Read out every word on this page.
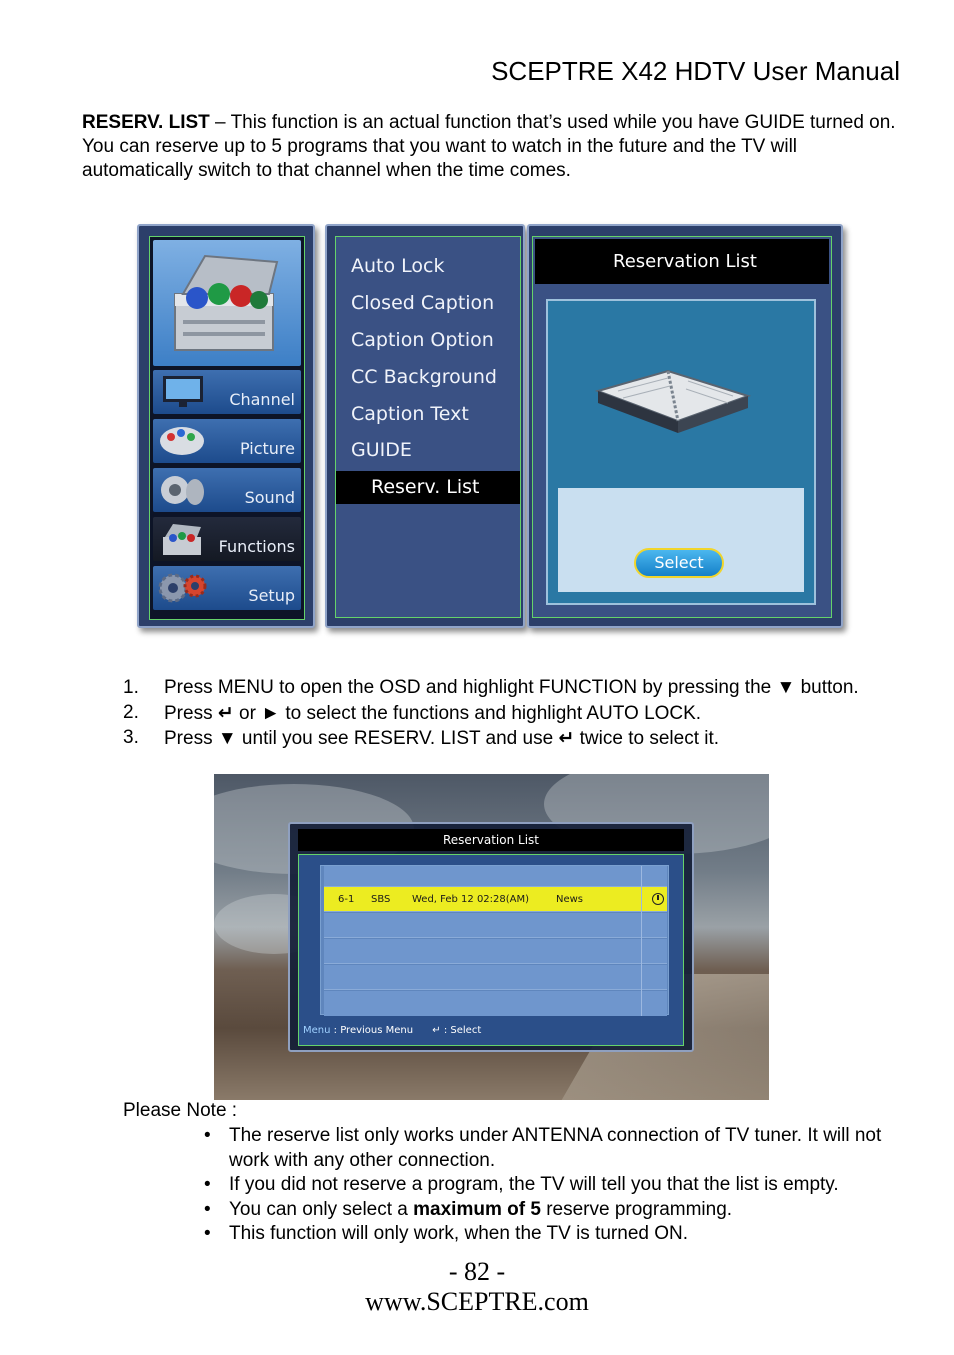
SCEPTRE X42 HDTV User Manual

RESERV. LIST – This function is an actual function that’s used while you have GUIDE turned on. You can reserve up to 5 programs that you want to watch in the future and the TV will automatically switch to that channel when the time comes.

Channel
Picture
Sound
Functions
Setup
Auto Lock
Closed Caption
Caption Option
CC Background
Caption Text
GUIDE
Reserv. List
Reservation List
Select
1. Press MENU to open the OSD and highlight FUNCTION by pressing the ▼ button.
2. Press ↵ or ► to select the functions and highlight AUTO LOCK.
3. Press ▼ until you see RESERV. LIST and use ↵ twice to select it.
Reservation List
6-1 SBS Wed, Feb 12 02:28(AM)	News
Menu : Previous Menu ↵ : Select
Please Note :
• The reserve list only works under ANTENNA connection of TV tuner. It will not work with any other connection.
• If you did not reserve a program, the TV will tell you that the list is empty.
• You can only select a maximum of 5 reserve programming.
• This function will only work, when the TV is turned ON.
- 82 -
www.SCEPTRE.com
